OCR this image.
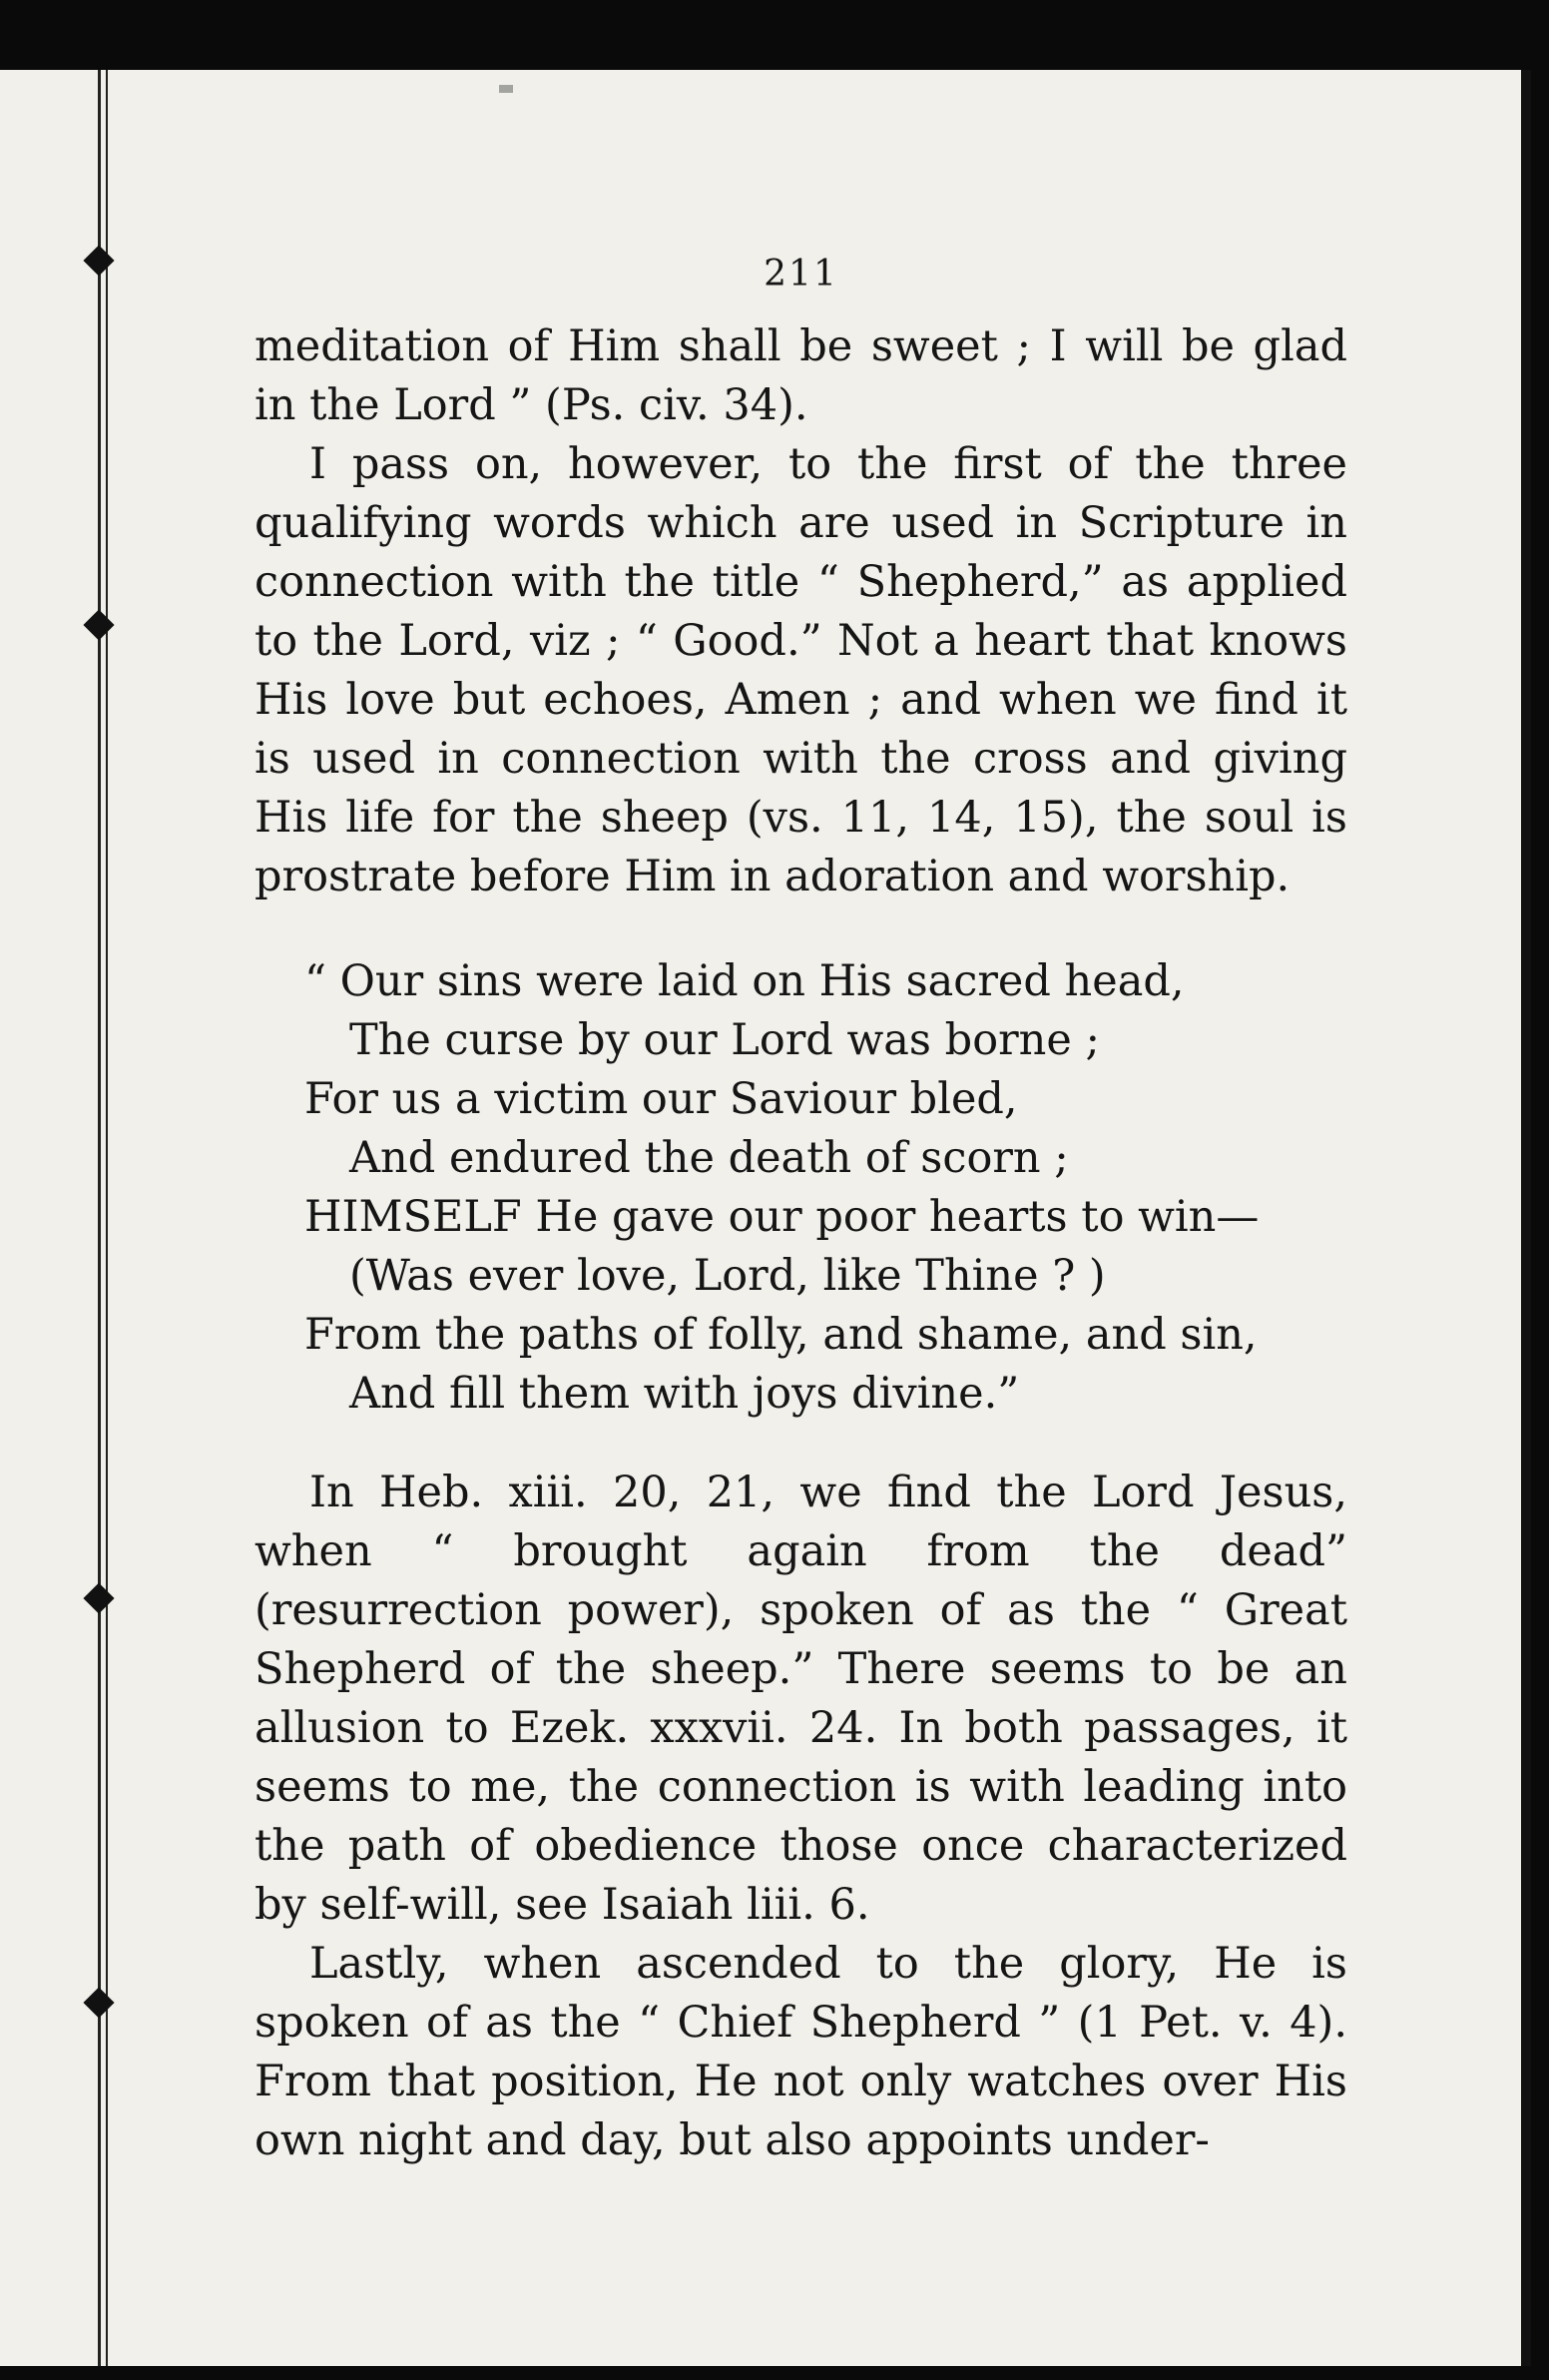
211

meditation of Him shall be sweet ; I will be glad in the Lord ” (Ps. civ. 34).

I pass on, however, to the first of the three qualifying words which are used in Scripture in connection with the title “ Shepherd,” as applied to the Lord, viz ; “ Good.” Not a heart that knows His love but echoes, Amen ; and when we find it is used in connection with the cross and giving His life for the sheep (vs. 11, 14, 15), the soul is prostrate before Him in adoration and worship.

“ Our sins were laid on His sacred head,
The curse by our Lord was borne ;
For us a victim our Saviour bled,
And endured the death of scorn ;
HIMSELF He gave our poor hearts to win—
(Was ever love, Lord, like Thine ? )
From the paths of folly, and shame, and sin,
And fill them with joys divine.”

In Heb. xiii. 20, 21, we find the Lord Jesus, when “ brought again from the dead” (resurrection power), spoken of as the “ Great Shepherd of the sheep.” There seems to be an allusion to Ezek. xxxvii. 24. In both passages, it seems to me, the connection is with leading into the path of obedience those once characterized by self-will, see Isaiah liii. 6.

Lastly, when ascended to the glory, He is spoken of as the “ Chief Shepherd ” (1 Pet. v. 4). From that position, He not only watches over His own night and day, but also appoints under-
